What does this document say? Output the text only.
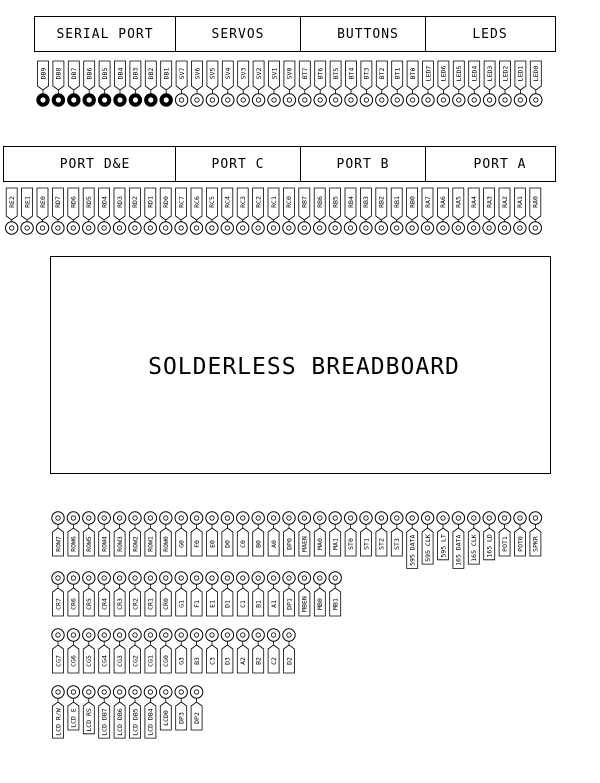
SERIAL PORT	SERVOS	BUTTONS	LEDS
DB9 DB8 DB7 DB6 DB5 DB4 DB3 DB2 DB1 SV7 SV6 SV5 SV4 SV3 SV2 SV1 SV0 BT7 BT6 BT5 BT4 BT3 BT2 BT1 BT0 LED7 LED6 LED5 LED4 LED3 LED2 LED1 LED0
PORT D&E	PORT C	PORT B	PORT A
RE2 RE1 RE0 RD7 RD6 RD5 RD4 RD3 RD2 RD1 RD0 RC7 RC6 RC5 RC4 RC3 RC2 RC1 RC0 RB7 RB6 RB5 RB4 RB3 RB2 RB1 RB0 RA7 RA6 RA5 RA4 RA3 RA2 RA1 RA0
SOLDERLESS BREADBOARD
ROW7 ROW6 ROW5 ROW4 ROW3 ROW2 ROW1 ROW0 G0 F0 E0 D0 C0 B0 A0 DP0 MAEN MA0 MA1 ST0 ST1 ST2 ST3 595 DATA 595 CLK 595 LT 165 DATA 165 CLK 165 LD POT1 POT0 SPKR
CR7 CR6 CR5 CR4 CR3 CR2 CR1 CR0 G1 F1 E1 D1 C1 B1 A1 DP1 MBEN MB0 MB1
CG7 CG6 CG5 CG4 CG3 CG2 CG1 CG0 G3 B3 C3 D3 A2 B2 C2 D2
LCD R/W LCD E LCD RS LCD DB7 LCD DB6 LCD DB5 LCD DB4 LCD0 DP3 DP2
